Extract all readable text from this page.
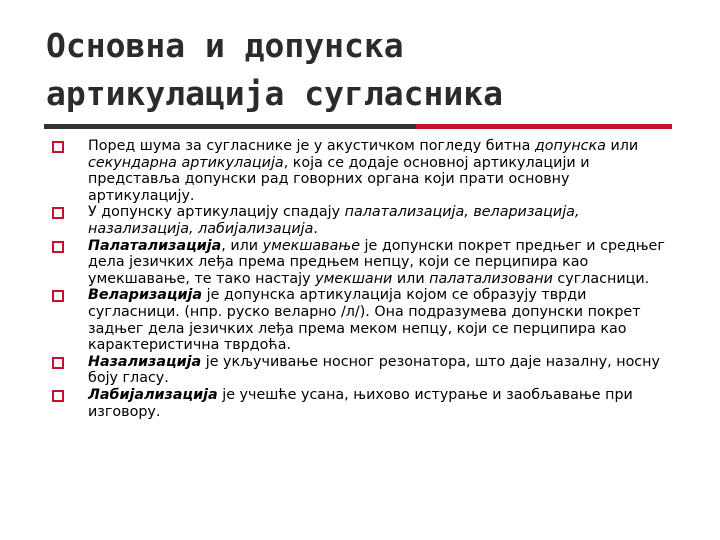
Основна и допунска
артикулација сугласника
Поред шума за сугласнике је у акустичком погледу битна допунска или секундарна артикулација, која се додаје основној артикулацији и представља допунски рад говорних органа који прати основну артикулацију.
У допунску артикулацију спадају палатализација, веларизација, назализација, лабијализација.
Палатализација, или умекшавање је допунски покрет предњег и средњег дела језичких леђа према предњем непцу, који се перципира као умекшавање, те тако настају умекшани или палатализовани сугласници.
Веларизација је допунска артикулација којом се образују тврди сугласници. (нпр. руско веларно /л/). Она подразумева допунски покрет задњег дела језичких леђа према меком непцу, који се перципира као карактеристична тврдоћа.
Назализација је укључивање носног резонатора, што даје назалну, носну боју гласу.
Лабијализација је учешће усана, њихово истурање и заобљавање при изговору.
